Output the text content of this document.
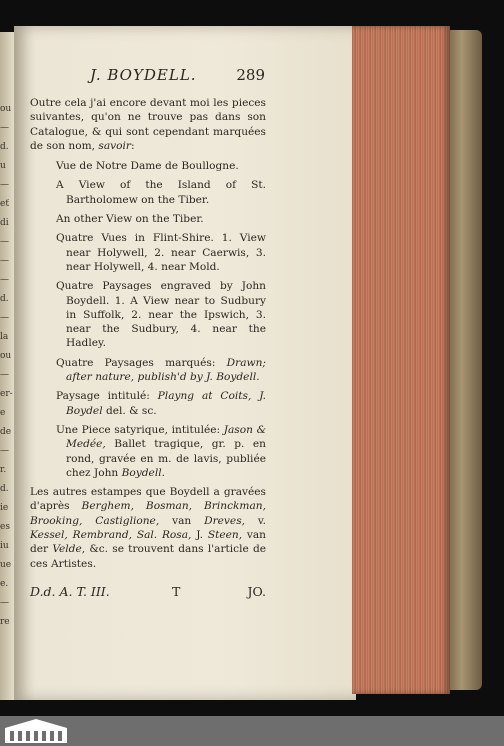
ou
—
d.
u
—
eť
di
—
—
—
d.
—
la
ou
—
er-
e
de
—
r.
d.
ie
es
iu
ue
e.
—
re
J. BOYDELL.	289

Outre cela j'ai encore devant moi les pieces suivantes, qu'on ne trouve pas dans son Catalogue, & qui sont cependant marquées de son nom, savoir:

Vue de Notre Dame de Boullogne.
A View of the Island of St. Bartholomew on the Tiber.
An other View on the Tiber.
Quatre Vues in Flint-Shire. 1. View near Holywell, 2. near Caerwis, 3. near Holywell, 4. near Mold.
Quatre Paysages engraved by John Boydell. 1. A View near to Sudbury in Suffolk, 2. near the Ipswich, 3. near the Sudbury, 4. near the Hadley.
Quatre Paysages marqués: Drawn; after nature, publish'd by J. Boydell.
Paysage intitulé: Playng at Coits, J. Boydel del. & sc.
Une Piece satyrique, intitulée: Jason & Medée, Ballet tragique, gr. p. en rond, gravée en m. de lavis, publiée chez John Boydell.

Les autres estampes que Boydell a gravées d'après Berghem, Bosman, Brinckman, Brooking, Castiglione, van Dreves, v. Kessel, Rembrand, Sal. Rosa, J. Steen, van der Velde, &c. se trouvent dans l'article de ces Artistes.

D.d. A. T. III.	T	JO.
